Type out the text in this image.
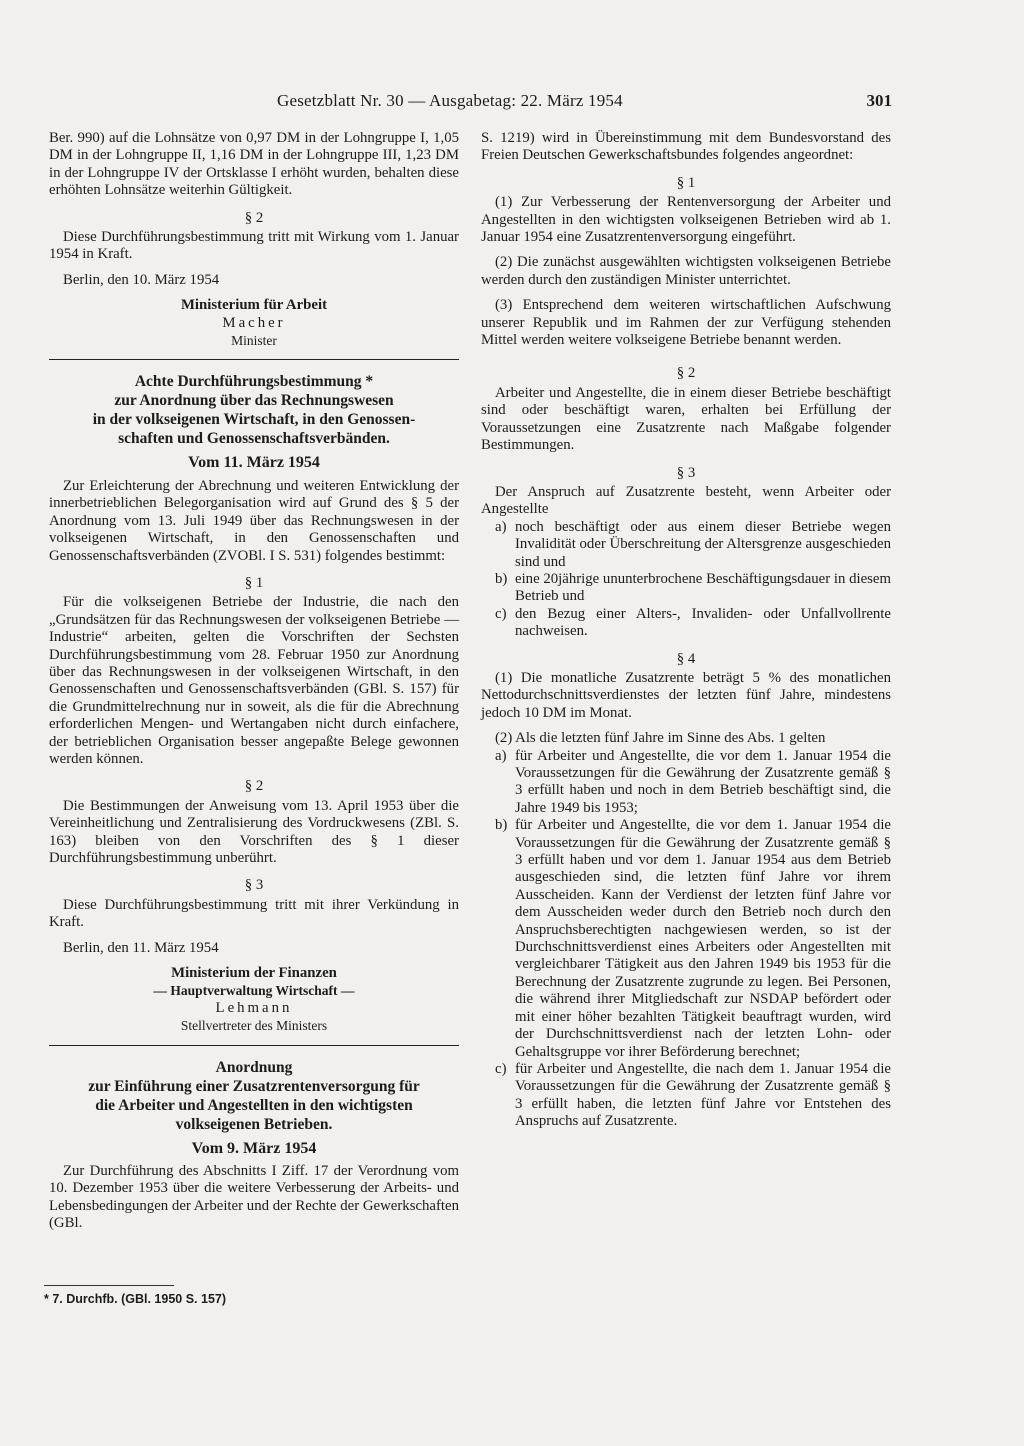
Gesetzblatt Nr. 30 — Ausgabetag: 22. März 1954	301

Ber. 990) auf die Lohnsätze von 0,97 DM in der Lohngruppe I, 1,05 DM in der Lohngruppe II, 1,16 DM in der Lohngruppe III, 1,23 DM in der Lohngruppe IV der Ortsklasse I erhöht wurden, behalten diese erhöhten Lohnsätze weiterhin Gültigkeit.

§ 2

Diese Durchführungsbestimmung tritt mit Wirkung vom 1. Januar 1954 in Kraft.

Berlin, den 10. März 1954

Ministerium für Arbeit
Macher
Minister
Achte Durchführungsbestimmung *
zur Anordnung über das Rechnungswesen
in der volkseigenen Wirtschaft, in den Genossen-
schaften und Genossenschaftsverbänden.
Vom 11. März 1954

Zur Erleichterung der Abrechnung und weiteren Entwicklung der innerbetrieblichen Belegorganisation wird auf Grund des § 5 der Anordnung vom 13. Juli 1949 über das Rechnungswesen in der volkseigenen Wirtschaft, in den Genossenschaften und Genossenschaftsverbänden (ZVOBl. I S. 531) folgendes bestimmt:

§ 1

Für die volkseigenen Betriebe der Industrie, die nach den „Grundsätzen für das Rechnungswesen der volkseigenen Betriebe — Industrie“ arbeiten, gelten die Vorschriften der Sechsten Durchführungsbestimmung vom 28. Februar 1950 zur Anordnung über das Rechnungswesen in der volkseigenen Wirtschaft, in den Genossenschaften und Genossenschaftsverbänden (GBl. S. 157) für die Grundmittelrechnung nur in soweit, als die für die Abrechnung erforderlichen Mengen- und Wertangaben nicht durch einfachere, der betrieblichen Organisation besser angepaßte Belege gewonnen werden können.

§ 2

Die Bestimmungen der Anweisung vom 13. April 1953 über die Vereinheitlichung und Zentralisierung des Vordruckwesens (ZBl. S. 163) bleiben von den Vorschriften des § 1 dieser Durchführungsbestimmung unberührt.

§ 3

Diese Durchführungsbestimmung tritt mit ihrer Verkündung in Kraft.

Berlin, den 11. März 1954

Ministerium der Finanzen
— Hauptverwaltung Wirtschaft —
Lehmann
Stellvertreter des Ministers
Anordnung
zur Einführung einer Zusatzrentenversorgung für
die Arbeiter und Angestellten in den wichtigsten
volkseigenen Betrieben.
Vom 9. März 1954

Zur Durchführung des Abschnitts I Ziff. 17 der Verordnung vom 10. Dezember 1953 über die weitere Verbesserung der Arbeits- und Lebensbedingungen der Arbeiter und der Rechte der Gewerkschaften (GBl.

* 7. Durchfb. (GBl. 1950 S. 157)

S. 1219) wird in Übereinstimmung mit dem Bundesvorstand des Freien Deutschen Gewerkschaftsbundes folgendes angeordnet:

§ 1

(1) Zur Verbesserung der Rentenversorgung der Arbeiter und Angestellten in den wichtigsten volkseigenen Betrieben wird ab 1. Januar 1954 eine Zusatzrentenversorgung eingeführt.

(2) Die zunächst ausgewählten wichtigsten volkseigenen Betriebe werden durch den zuständigen Minister unterrichtet.

(3) Entsprechend dem weiteren wirtschaftlichen Aufschwung unserer Republik und im Rahmen der zur Verfügung stehenden Mittel werden weitere volkseigene Betriebe benannt werden.

§ 2

Arbeiter und Angestellte, die in einem dieser Betriebe beschäftigt sind oder beschäftigt waren, erhalten bei Erfüllung der Voraussetzungen eine Zusatzrente nach Maßgabe folgender Bestimmungen.

§ 3

Der Anspruch auf Zusatzrente besteht, wenn Arbeiter oder Angestellte

a) noch beschäftigt oder aus einem dieser Betriebe wegen Invalidität oder Überschreitung der Altersgrenze ausgeschieden sind und
b) eine 20jährige ununterbrochene Beschäftigungsdauer in diesem Betrieb und
c) den Bezug einer Alters-, Invaliden- oder Unfallvollrente nachweisen.
§ 4

(1) Die monatliche Zusatzrente beträgt 5 % des monatlichen Nettodurchschnittsverdienstes der letzten fünf Jahre, mindestens jedoch 10 DM im Monat.

(2) Als die letzten fünf Jahre im Sinne des Abs. 1 gelten

a) für Arbeiter und Angestellte, die vor dem 1. Januar 1954 die Voraussetzungen für die Gewährung der Zusatzrente gemäß § 3 erfüllt haben und noch in dem Betrieb beschäftigt sind, die Jahre 1949 bis 1953;
b) für Arbeiter und Angestellte, die vor dem 1. Januar 1954 die Voraussetzungen für die Gewährung der Zusatzrente gemäß § 3 erfüllt haben und vor dem 1. Januar 1954 aus dem Betrieb ausgeschieden sind, die letzten fünf Jahre vor ihrem Ausscheiden. Kann der Verdienst der letzten fünf Jahre vor dem Ausscheiden weder durch den Betrieb noch durch den Anspruchsberechtigten nachgewiesen werden, so ist der Durchschnittsverdienst eines Arbeiters oder Angestellten mit vergleichbarer Tätigkeit aus den Jahren 1949 bis 1953 für die Berechnung der Zusatzrente zugrunde zu legen. Bei Personen, die während ihrer Mitgliedschaft zur NSDAP befördert oder mit einer höher bezahlten Tätigkeit beauftragt wurden, wird der Durchschnittsverdienst nach der letzten Lohn- oder Gehaltsgruppe vor ihrer Beförderung berechnet;
c) für Arbeiter und Angestellte, die nach dem 1. Januar 1954 die Voraussetzungen für die Gewährung der Zusatzrente gemäß § 3 erfüllt haben, die letzten fünf Jahre vor Entstehen des Anspruchs auf Zusatzrente.
